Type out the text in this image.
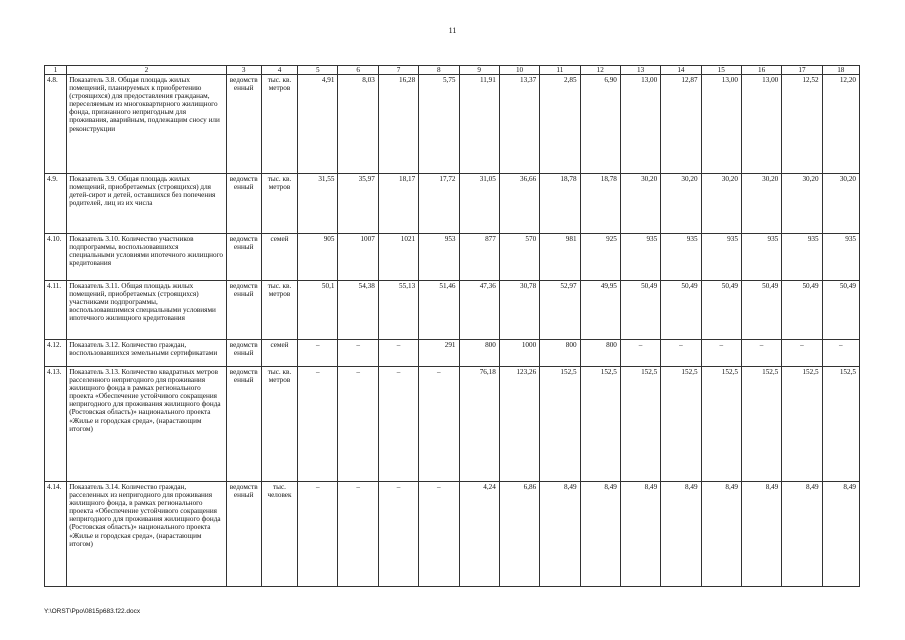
11
1	2	3	4	5	6	7	8	9	10	11	12	13	14	15	16	17	18
4.8.	Показатель 3.8. Общая площадь жилых помещений, планируемых к приобретению (строящихся) для предоставления гражданам, переселяемым из многоквартирного жилищного фонда, признанного непригодным для проживания, аварийным, подлежащим сносу или реконструкции	ведомственный	тыс. кв. метров	4,91	8,03	16,28	5,75	11,91	13,37	2,85	6,90	13,00	12,87	13,00	13,00	12,52	12,20
4.9.	Показатель 3.9. Общая площадь жилых помещений, приобретаемых (строящихся) для детей-сирот и детей, оставшихся без попечения родителей, лиц из их числа	ведомственный	тыс. кв. метров	31,55	35,97	18,17	17,72	31,05	36,66	18,78	18,78	30,20	30,20	30,20	30,20	30,20	30,20
4.10.	Показатель 3.10. Количество участников подпрограммы, воспользовавшихся специальными условиями ипотечного жилищного кредитования	ведомственный	семей	905	1007	1021	953	877	570	981	925	935	935	935	935	935	935
4.11.	Показатель 3.11. Общая площадь жилых помещений, приобретаемых (строящихся) участниками подпрограммы, воспользовавшимися специальными условиями ипотечного жилищного кредитования	ведомственный	тыс. кв. метров	50,1	54,38	55,13	51,46	47,36	30,78	52,97	49,95	50,49	50,49	50,49	50,49	50,49	50,49
4.12.	Показатель 3.12. Количество граждан, воспользовавшихся земельными сертификатами	ведомственный	семей	–	–	–	291	800	1000	800	800	–	–	–	–	–	–
4.13.	Показатель 3.13. Количество квадратных метров расселенного непригодного для проживания жилищного фонда в рамках регионального проекта «Обеспечение устойчивого сокращения непригодного для проживания жилищного фонда (Ростовская область)» национального проекта «Жилье и городская среда», (нарастающим итогом)	ведомственный	тыс. кв. метров	–	–	–	–	76,18	123,26	152,5	152,5	152,5	152,5	152,5	152,5	152,5	152,5
4.14.	Показатель 3.14. Количество граждан, расселенных из непригодного для проживания жилищного фонда, в рамках регионального проекта «Обеспечение устойчивого сокращения непригодного для проживания жилищного фонда (Ростовская область)» национального проекта «Жилье и городская среда», (нарастающим итогом)	ведомственный	тыс. человек	–	–	–	–	4,24	6,86	8,49	8,49	8,49	8,49	8,49	8,49	8,49	8,49
Y:\ORST\Ppo\0815p683.f22.docx
